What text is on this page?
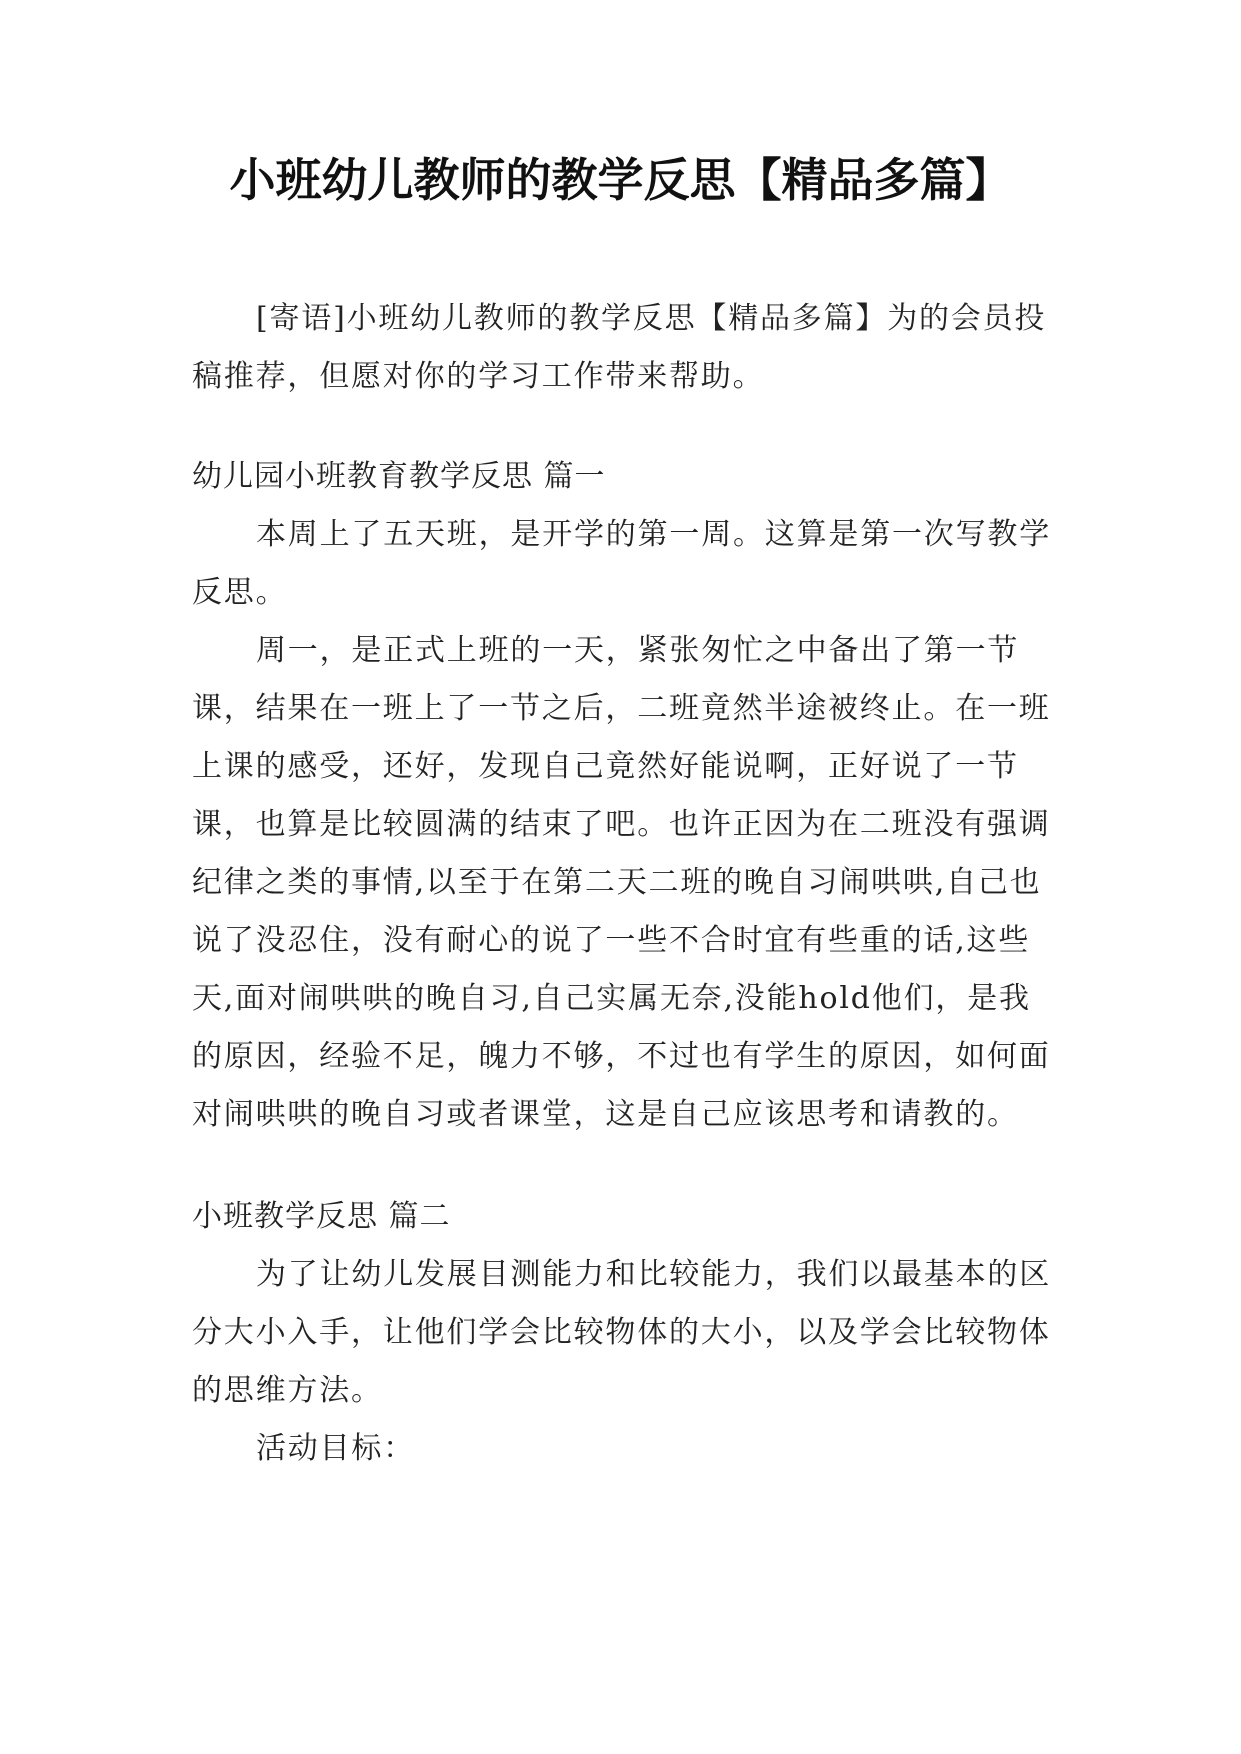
小班幼儿教师的教学反思【精品多篇】

[寄语]小班幼儿教师的教学反思【精品多篇】为的会员投稿推荐，但愿对你的学习工作带来帮助。

幼儿园小班教育教学反思 篇一

本周上了五天班，是开学的第一周。这算是第一次写教学反思。

周一，是正式上班的一天，紧张匆忙之中备出了第一节课，结果在一班上了一节之后，二班竟然半途被终止。在一班上课的感受，还好，发现自己竟然好能说啊，正好说了一节课，也算是比较圆满的结束了吧。也许正因为在二班没有强调纪律之类的事情,以至于在第二天二班的晚自习闹哄哄,自己也说了没忍住，没有耐心的说了一些不合时宜有些重的话,这些天,面对闹哄哄的晚自习,自己实属无奈,没能hold他们，是我的原因，经验不足，魄力不够，不过也有学生的原因，如何面对闹哄哄的晚自习或者课堂，这是自己应该思考和请教的。

小班教学反思 篇二

为了让幼儿发展目测能力和比较能力，我们以最基本的区分大小入手，让他们学会比较物体的大小，以及学会比较物体的思维方法。

活动目标：
